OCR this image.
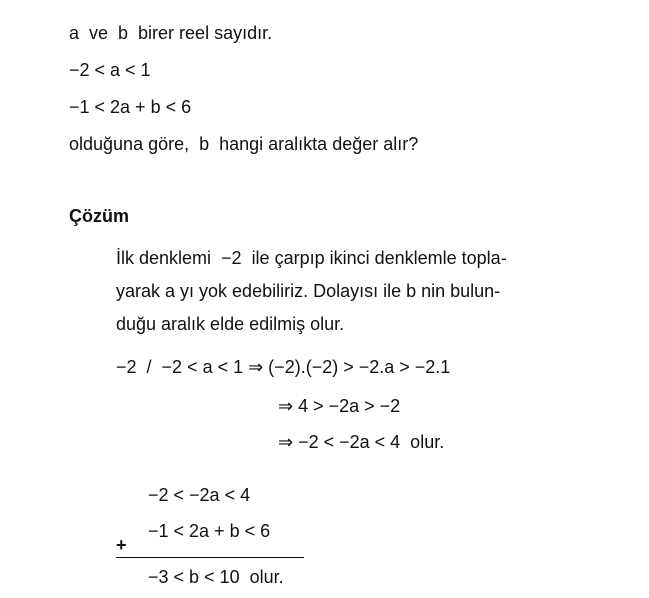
a  ve  b  birer reel sayıdır.
−2 < a < 1
−1 < 2a + b < 6
olduğuna göre,  b  hangi aralıkta değer alır?
Çözüm
İlk denklemi  −2  ile çarpıp ikinci denklemle topla-
yarak a yı yok edebiliriz. Dolayısı ile b nin bulun-
duğu aralık elde edilmiş olur.
−2  /  −2 < a < 1 ⇒ (−2).(−2) > −2.a > −2.1
⇒ 4 > −2a > −2
⇒ −2 < −2a < 4  olur.
−2 < −2a < 4
+
−1 < 2a + b < 6
−3 < b < 10  olur.
